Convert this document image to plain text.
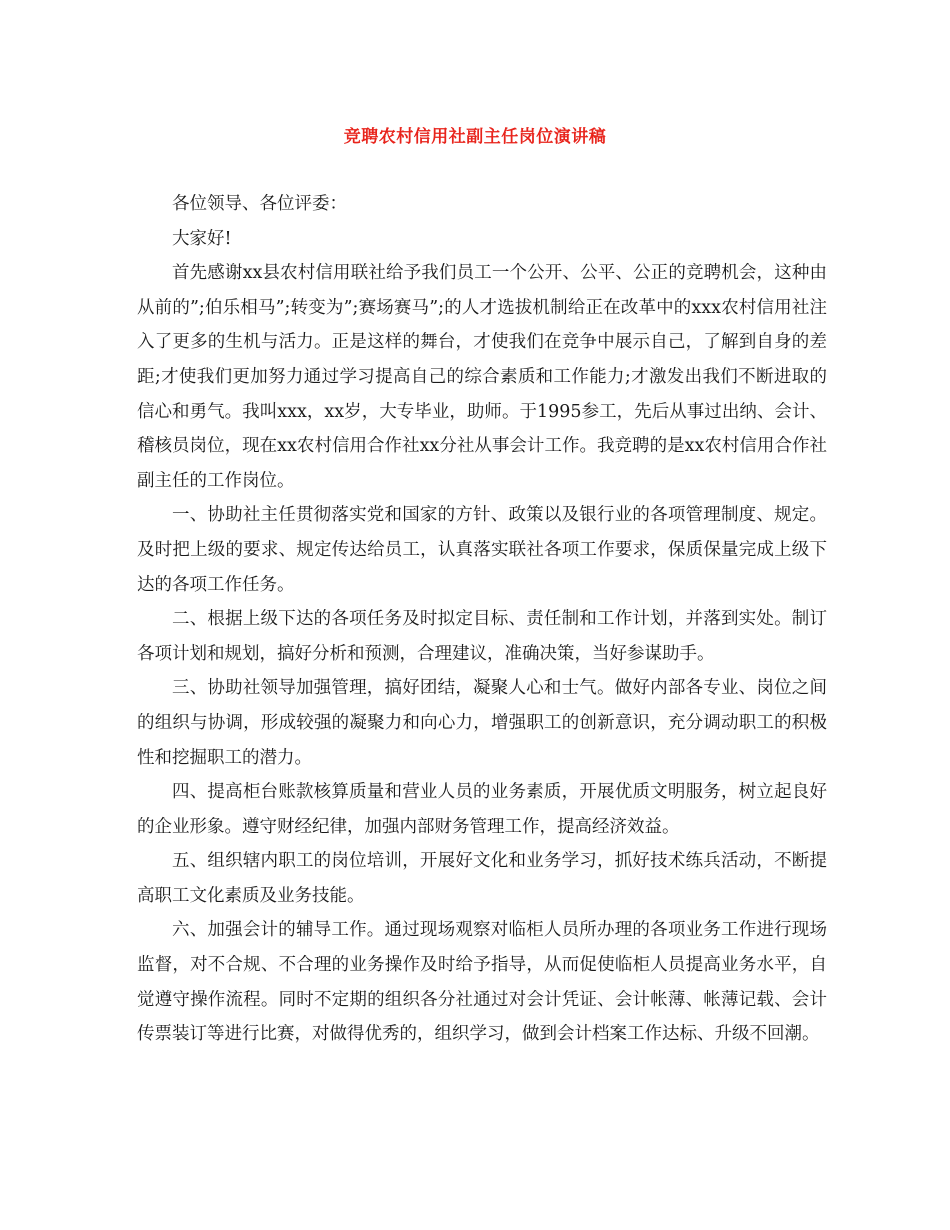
竞聘农村信用社副主任岗位演讲稿

各位领导、各位评委：

大家好!

首先感谢xx县农村信用联社给予我们员工一个公开、公平、公正的竞聘机会，这种由从前的”;伯乐相马”;转变为”;赛场赛马”;的人才选拔机制给正在改革中的xxx农村信用社注入了更多的生机与活力。正是这样的舞台，才使我们在竞争中展示自己，了解到自身的差距;才使我们更加努力通过学习提高自己的综合素质和工作能力;才激发出我们不断进取的信心和勇气。我叫xxx，xx岁，大专毕业，助师。于1995参工，先后从事过出纳、会计、稽核员岗位，现在xx农村信用合作社xx分社从事会计工作。我竞聘的是xx农村信用合作社副主任的工作岗位。

一、协助社主任贯彻落实党和国家的方针、政策以及银行业的各项管理制度、规定。及时把上级的要求、规定传达给员工，认真落实联社各项工作要求，保质保量完成上级下达的各项工作任务。

二、根据上级下达的各项任务及时拟定目标、责任制和工作计划，并落到实处。制订各项计划和规划，搞好分析和预测，合理建议，准确决策，当好参谋助手。

三、协助社领导加强管理，搞好团结，凝聚人心和士气。做好内部各专业、岗位之间的组织与协调，形成较强的凝聚力和向心力，增强职工的创新意识，充分调动职工的积极性和挖掘职工的潜力。

四、提高柜台账款核算质量和营业人员的业务素质，开展优质文明服务，树立起良好的企业形象。遵守财经纪律，加强内部财务管理工作，提高经济效益。

五、组织辖内职工的岗位培训，开展好文化和业务学习，抓好技术练兵活动，不断提高职工文化素质及业务技能。

六、加强会计的辅导工作。通过现场观察对临柜人员所办理的各项业务工作进行现场监督，对不合规、不合理的业务操作及时给予指导，从而促使临柜人员提高业务水平，自觉遵守操作流程。同时不定期的组织各分社通过对会计凭证、会计帐薄、帐薄记载、会计传票装订等进行比赛，对做得优秀的，组织学习，做到会计档案工作达标、升级不回潮。
